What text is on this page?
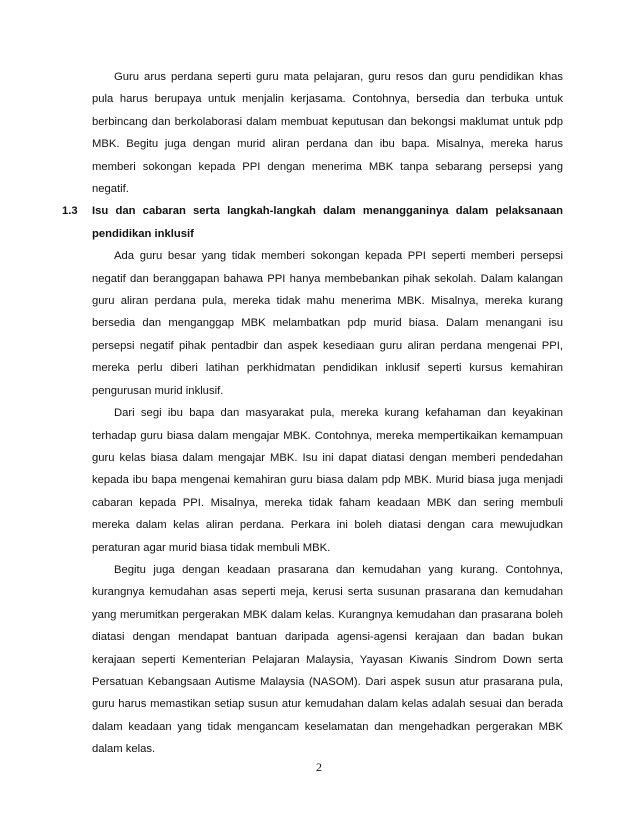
Guru arus perdana seperti guru mata pelajaran, guru resos dan guru pendidikan khas pula harus berupaya untuk menjalin kerjasama. Contohnya, bersedia dan terbuka untuk berbincang dan berkolaborasi dalam membuat keputusan dan bekongsi maklumat untuk pdp MBK. Begitu juga dengan murid aliran perdana dan ibu bapa. Misalnya, mereka harus memberi sokongan kepada PPI dengan menerima MBK tanpa sebarang persepsi yang negatif.

1.3 Isu dan cabaran serta langkah-langkah dalam menangganinya dalam pelaksanaan pendidikan inklusif

Ada guru besar yang tidak memberi sokongan kepada PPI seperti memberi persepsi negatif dan beranggapan bahawa PPI hanya membebankan pihak sekolah. Dalam kalangan guru aliran perdana pula, mereka tidak mahu menerima MBK. Misalnya, mereka kurang bersedia dan menganggap MBK melambatkan pdp murid biasa. Dalam menangani isu persepsi negatif pihak pentadbir dan aspek kesediaan guru aliran perdana mengenai PPI, mereka perlu diberi latihan perkhidmatan pendidikan inklusif seperti kursus kemahiran pengurusan murid inklusif.

Dari segi ibu bapa dan masyarakat pula, mereka kurang kefahaman dan keyakinan terhadap guru biasa dalam mengajar MBK. Contohnya, mereka mempertikaikan kemampuan guru kelas biasa dalam mengajar MBK. Isu ini dapat diatasi dengan memberi pendedahan kepada ibu bapa mengenai kemahiran guru biasa dalam pdp MBK. Murid biasa juga menjadi cabaran kepada PPI. Misalnya, mereka tidak faham keadaan MBK dan sering membuli mereka dalam kelas aliran perdana. Perkara ini boleh diatasi dengan cara mewujudkan peraturan agar murid biasa tidak membuli MBK.

Begitu juga dengan keadaan prasarana dan kemudahan yang kurang. Contohnya, kurangnya kemudahan asas seperti meja, kerusi serta susunan prasarana dan kemudahan yang merumitkan pergerakan MBK dalam kelas. Kurangnya kemudahan dan prasarana boleh diatasi dengan mendapat bantuan daripada agensi-agensi kerajaan dan badan bukan kerajaan seperti Kementerian Pelajaran Malaysia, Yayasan Kiwanis Sindrom Down serta Persatuan Kebangsaan Autisme Malaysia (NASOM). Dari aspek susun atur prasarana pula, guru harus memastikan setiap susun atur kemudahan dalam kelas adalah sesuai dan berada dalam keadaan yang tidak mengancam keselamatan dan mengehadkan pergerakan MBK dalam kelas.

2
